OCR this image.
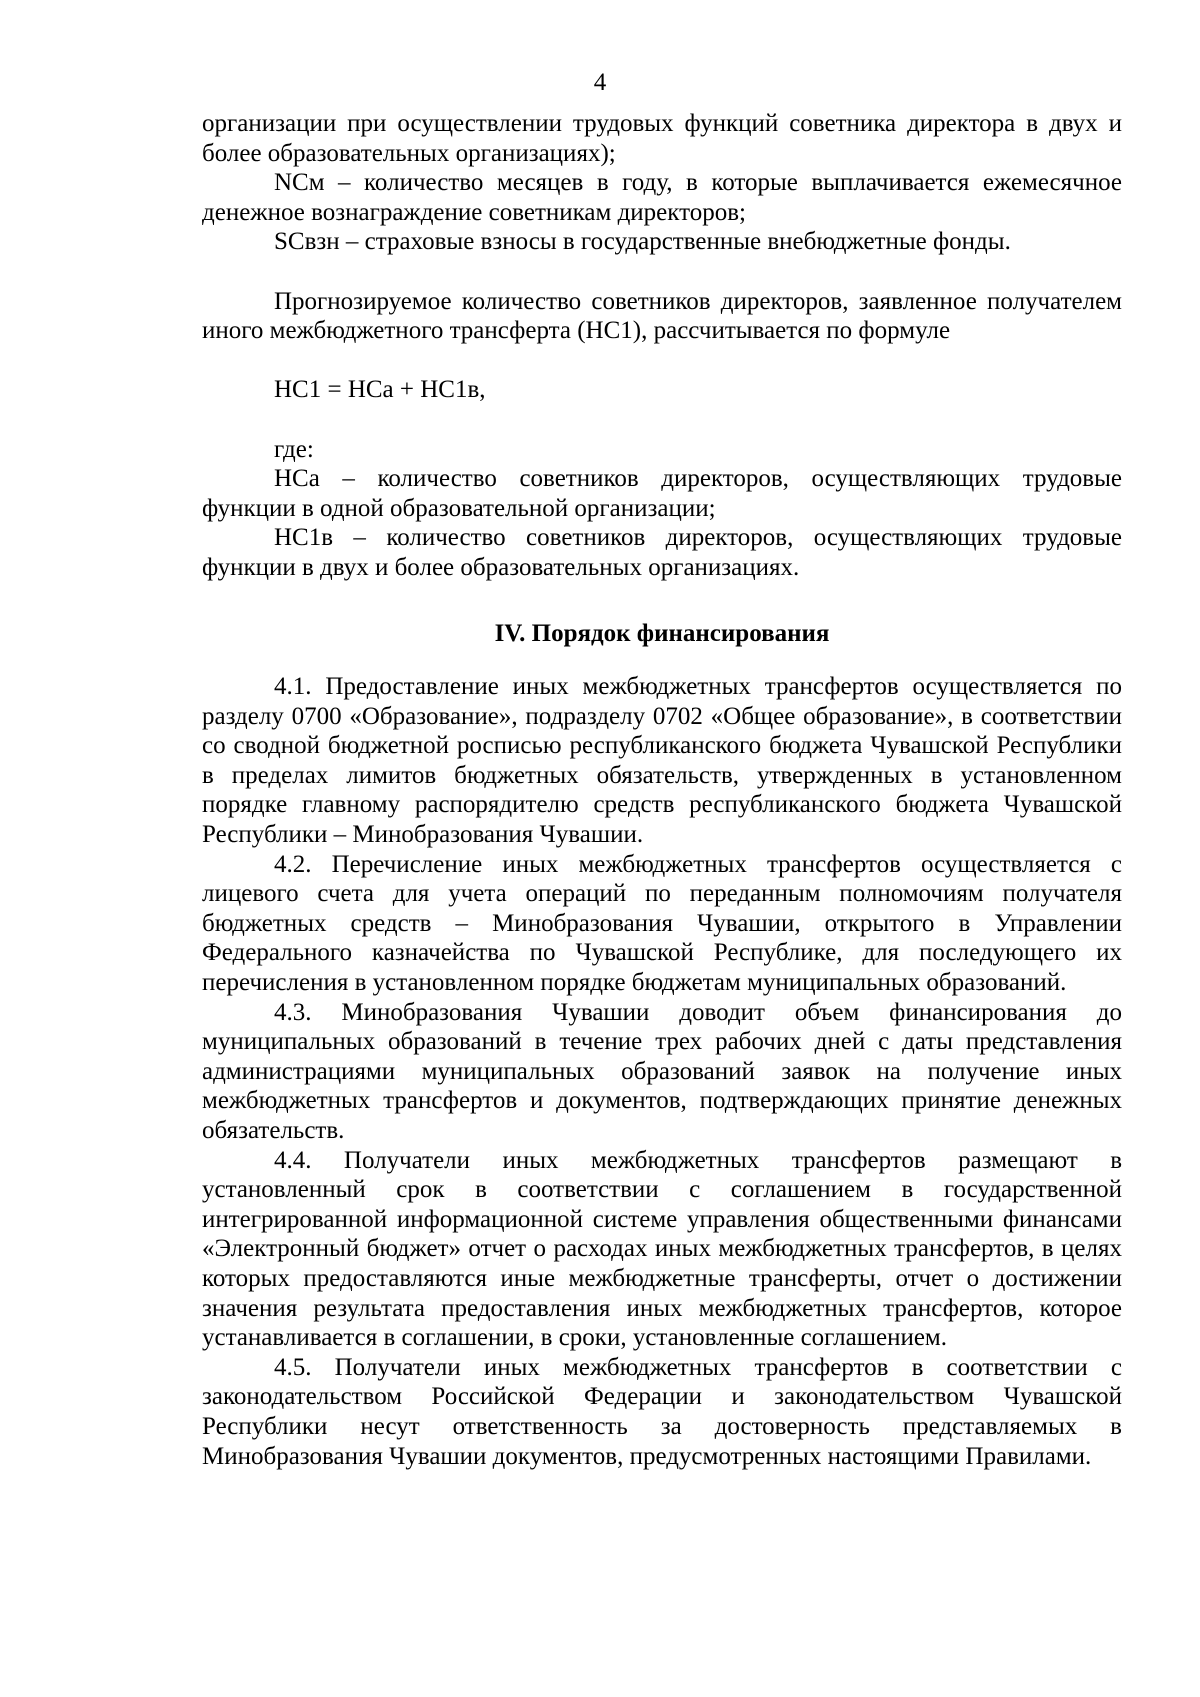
4

организации при осуществлении трудовых функций советника директора в двух и более образовательных организациях);

NCм – количество месяцев в году, в которые выплачивается ежемесячное денежное вознаграждение советникам директоров;

SCвзн – страховые взносы в государственные внебюджетные фонды.

Прогнозируемое количество советников директоров, заявленное получателем иного межбюджетного трансферта (НС1), рассчитывается по формуле

НС1 = НСа + НС1в,

где:

НСа – количество советников директоров, осуществляющих трудовые функции в одной образовательной организации;

НС1в – количество советников директоров, осуществляющих трудовые функции в двух и более образовательных организациях.

IV. Порядок финансирования

4.1. Предоставление иных межбюджетных трансфертов осуществляется по разделу 0700 «Образование», подразделу 0702 «Общее образование», в соответствии со сводной бюджетной росписью республиканского бюджета Чувашской Республики в пределах лимитов бюджетных обязательств, утвержденных в установленном порядке главному распорядителю средств республиканского бюджета Чувашской Республики – Минобразования Чувашии.

4.2. Перечисление иных межбюджетных трансфертов осуществляется с лицевого счета для учета операций по переданным полномочиям получателя бюджетных средств – Минобразования Чувашии, открытого в Управлении Федерального казначейства по Чувашской Республике, для последующего их перечисления в установленном порядке бюджетам муниципальных образований.

4.3. Минобразования Чувашии доводит объем финансирования до муниципальных образований в течение трех рабочих дней с даты представления администрациями муниципальных образований заявок на получение иных межбюджетных трансфертов и документов, подтверждающих принятие денежных обязательств.

4.4. Получатели иных межбюджетных трансфертов размещают в установленный срок в соответствии с соглашением в государственной интегрированной информационной системе управления общественными финансами «Электронный бюджет» отчет о расходах иных межбюджетных трансфертов, в целях которых предоставляются иные межбюджетные трансферты, отчет о достижении значения результата предоставления иных межбюджетных трансфертов, которое устанавливается в соглашении, в сроки, установленные соглашением.

4.5. Получатели иных межбюджетных трансфертов в соответствии с законодательством Российской Федерации и законодательством Чувашской Республики несут ответственность за достоверность представляемых в Минобразования Чувашии документов, предусмотренных настоящими Правилами.
